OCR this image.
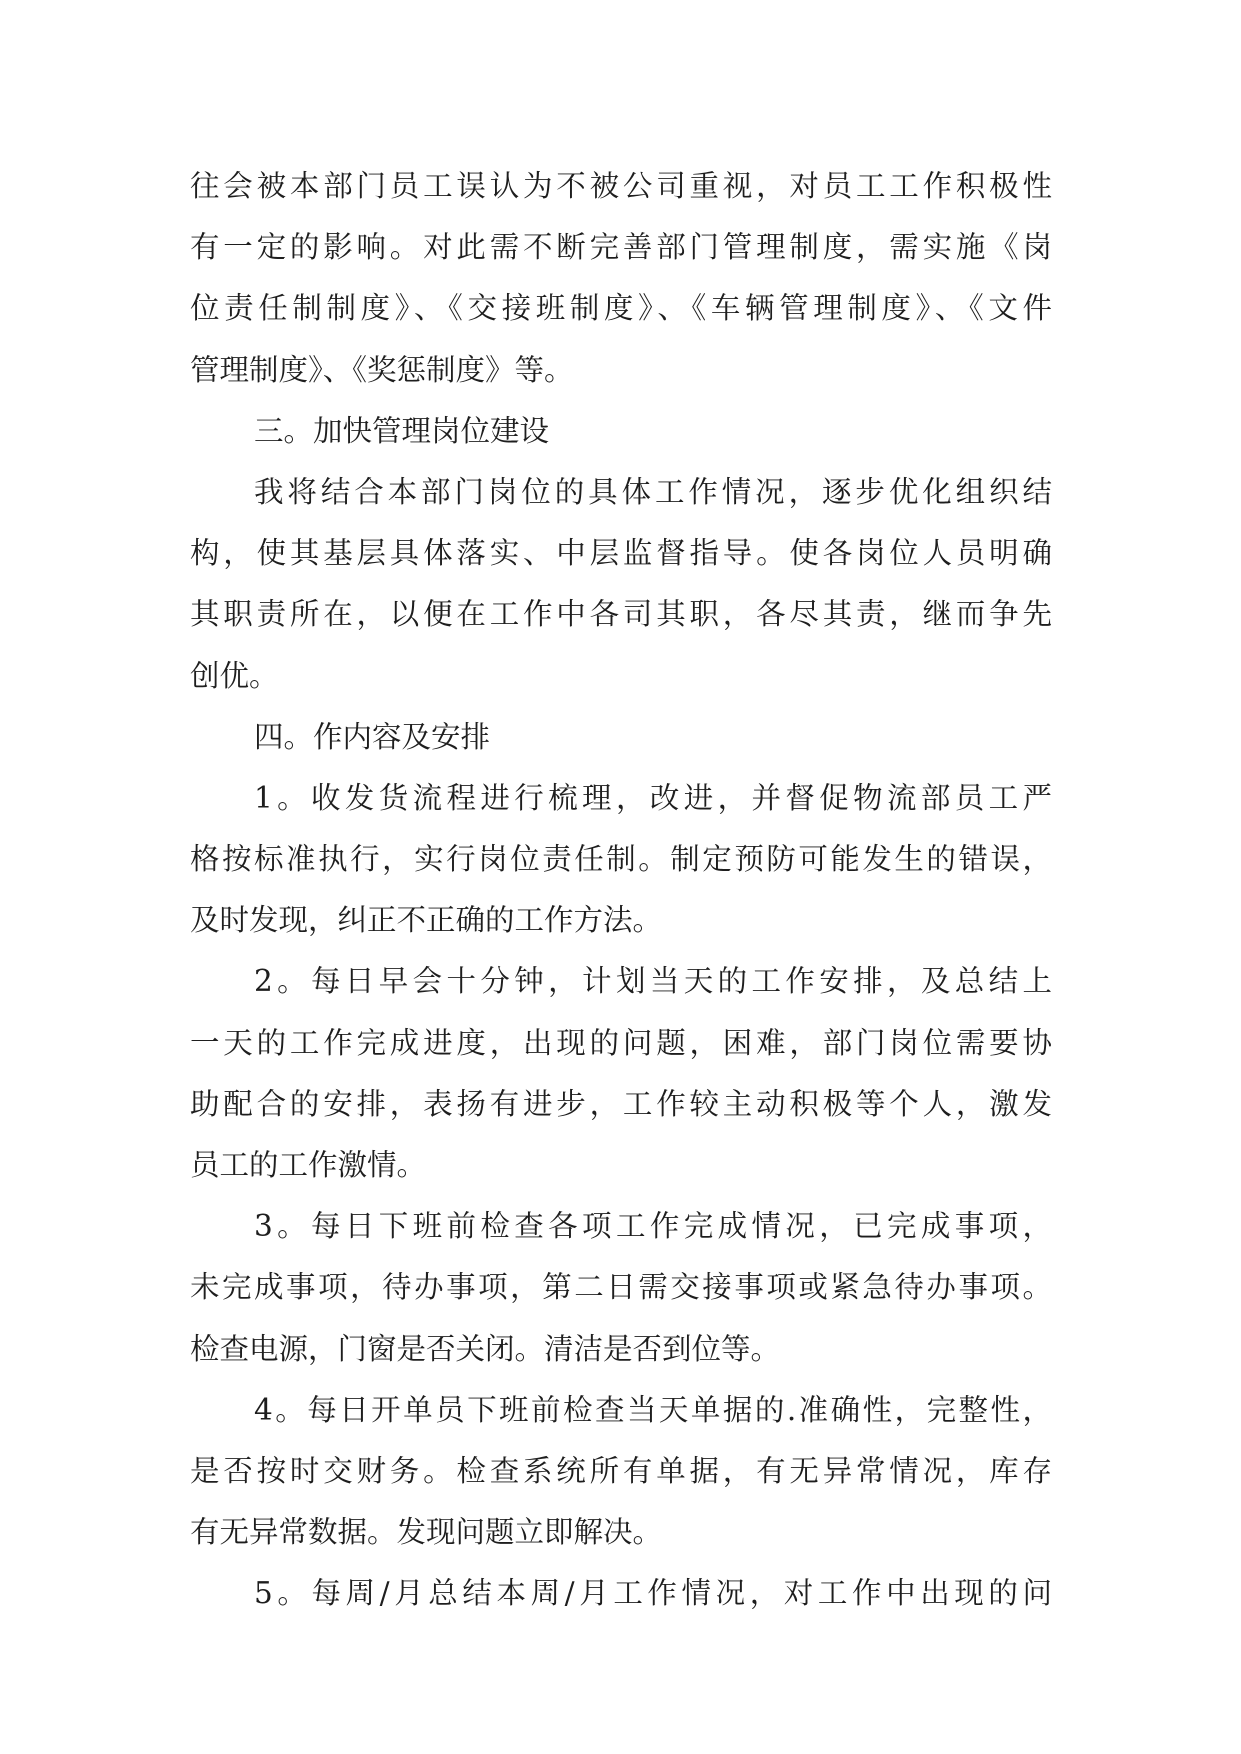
往会被本部门员工误认为不被公司重视，对员工工作积极性
有一定的影响。对此需不断完善部门管理制度，需实施《岗
位责任制制度》、《交接班制度》、《车辆管理制度》、《文件
管理制度》、《奖惩制度》等。
三。加快管理岗位建设
我将结合本部门岗位的具体工作情况，逐步优化组织结
构，使其基层具体落实、中层监督指导。使各岗位人员明确
其职责所在，以便在工作中各司其职，各尽其责，继而争先
创优。
四。作内容及安排
1。收发货流程进行梳理，改进，并督促物流部员工严
格按标准执行，实行岗位责任制。制定预防可能发生的错误，
及时发现，纠正不正确的工作方法。
2。每日早会十分钟，计划当天的工作安排，及总结上
一天的工作完成进度，出现的问题，困难，部门岗位需要协
助配合的安排，表扬有进步，工作较主动积极等个人，激发
员工的工作激情。
3。每日下班前检查各项工作完成情况，已完成事项，
未完成事项，待办事项，第二日需交接事项或紧急待办事项。
检查电源，门窗是否关闭。清洁是否到位等。
4。每日开单员下班前检查当天单据的.准确性，完整性，
是否按时交财务。检查系统所有单据，有无异常情况，库存
有无异常数据。发现问题立即解决。
5。每周/月总结本周/月工作情况，对工作中出现的问
